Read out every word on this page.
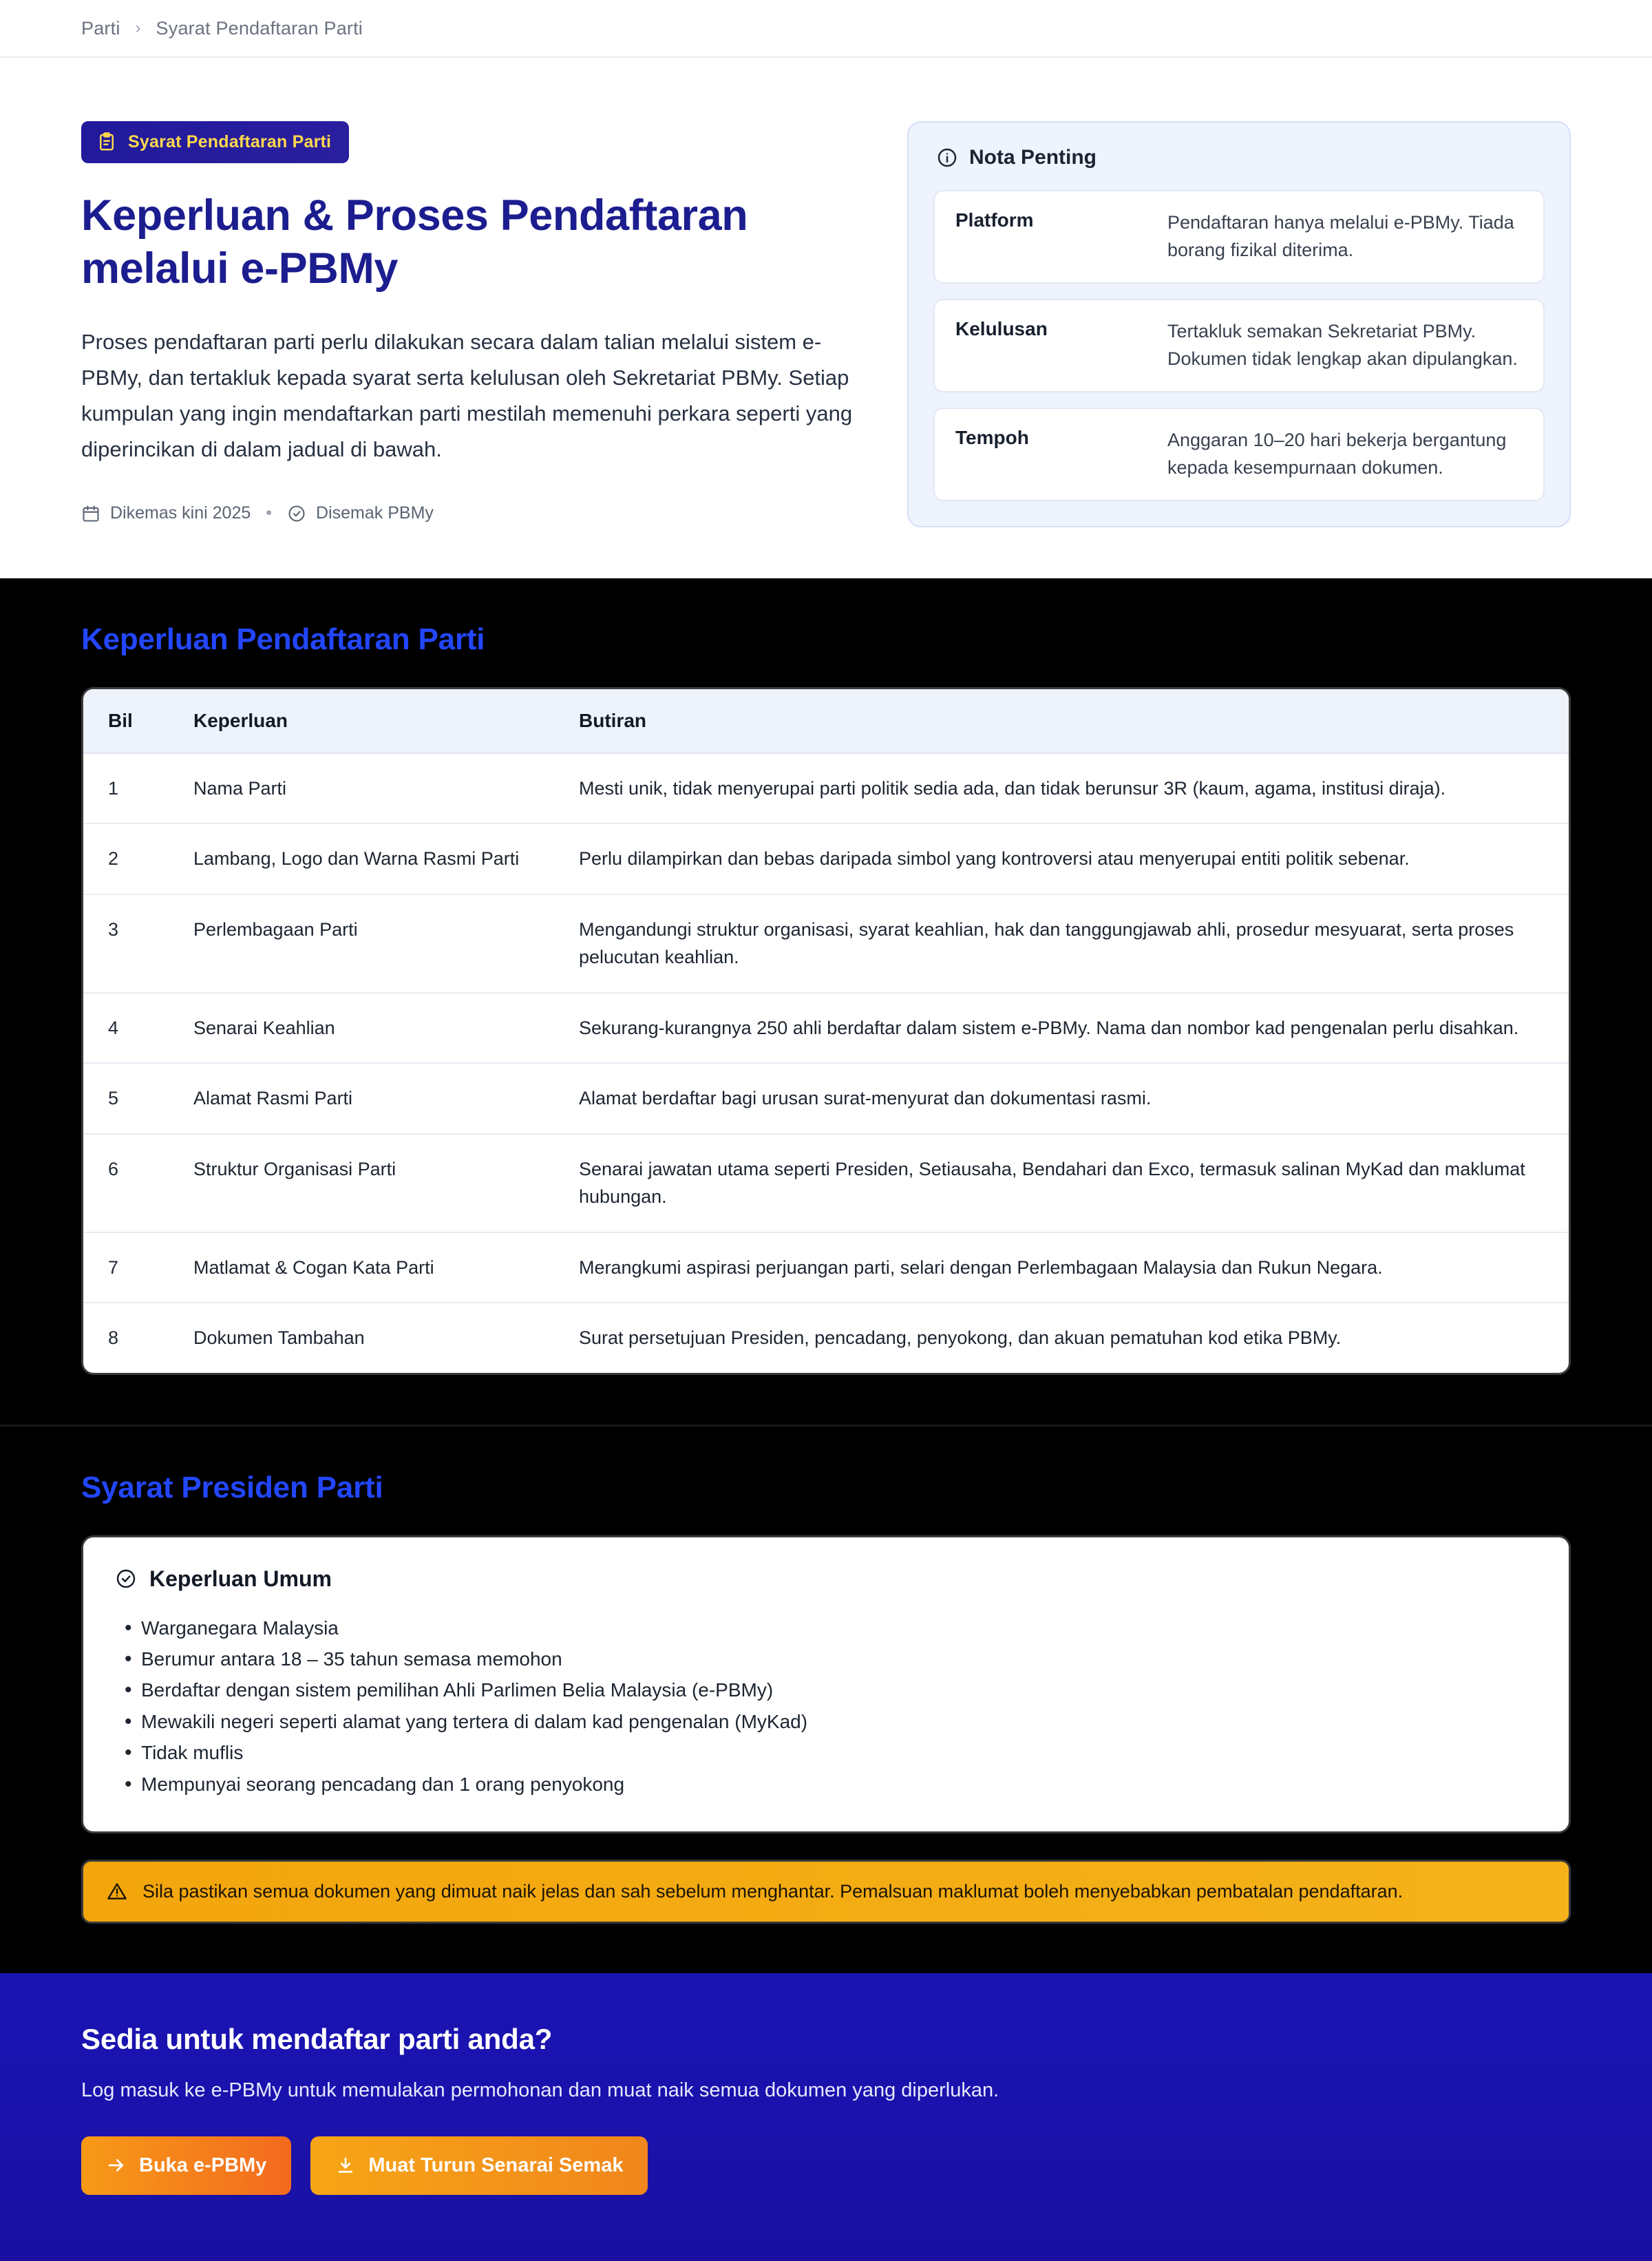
Parti › Syarat Pendaftaran Parti
Syarat Pendaftaran Parti
Keperluan & Proses Pendaftaran melalui e-PBMy

Proses pendaftaran parti perlu dilakukan secara dalam talian melalui sistem e-PBMy, dan tertakluk kepada syarat serta kelulusan oleh Sekretariat PBMy. Setiap kumpulan yang ingin mendaftarkan parti mestilah memenuhi perkara seperti yang diperincikan di dalam jadual di bawah.

Dikemas kini 2025 •	Disemak PBMy
Nota Penting
Platform	Pendaftaran hanya melalui e-PBMy. Tiada borang fizikal diterima.
Kelulusan	Tertakluk semakan Sekretariat PBMy. Dokumen tidak lengkap akan dipulangkan.
Tempoh	Anggaran 10–20 hari bekerja bergantung kepada kesempurnaan dokumen.
Keperluan Pendaftaran Parti
Bil	Keperluan	Butiran
1	Nama Parti	Mesti unik, tidak menyerupai parti politik sedia ada, dan tidak berunsur 3R (kaum, agama, institusi diraja).
2	Lambang, Logo dan Warna Rasmi Parti	Perlu dilampirkan dan bebas daripada simbol yang kontroversi atau menyerupai entiti politik sebenar.
3	Perlembagaan Parti	Mengandungi struktur organisasi, syarat keahlian, hak dan tanggungjawab ahli, prosedur mesyuarat, serta proses pelucutan keahlian.
4	Senarai Keahlian	Sekurang-kurangnya 250 ahli berdaftar dalam sistem e-PBMy. Nama dan nombor kad pengenalan perlu disahkan.
5	Alamat Rasmi Parti	Alamat berdaftar bagi urusan surat-menyurat dan dokumentasi rasmi.
6	Struktur Organisasi Parti	Senarai jawatan utama seperti Presiden, Setiausaha, Bendahari dan Exco, termasuk salinan MyKad dan maklumat hubungan.
7	Matlamat & Cogan Kata Parti	Merangkumi aspirasi perjuangan parti, selari dengan Perlembagaan Malaysia dan Rukun Negara.
8	Dokumen Tambahan	Surat persetujuan Presiden, pencadang, penyokong, dan akuan pematuhan kod etika PBMy.
Syarat Presiden Parti
Keperluan Umum
• Warganegara Malaysia
• Berumur antara 18 – 35 tahun semasa memohon
• Berdaftar dengan sistem pemilihan Ahli Parlimen Belia Malaysia (e-PBMy)
• Mewakili negeri seperti alamat yang tertera di dalam kad pengenalan (MyKad)
• Tidak muflis
• Mempunyai seorang pencadang dan 1 orang penyokong
Sila pastikan semua dokumen yang dimuat naik jelas dan sah sebelum menghantar. Pemalsuan maklumat boleh menyebabkan pembatalan pendaftaran.
Sedia untuk mendaftar parti anda?

Log masuk ke e-PBMy untuk memulakan permohonan dan muat naik semua dokumen yang diperlukan.

Buka e-PBMy	Muat Turun Senarai Semak
